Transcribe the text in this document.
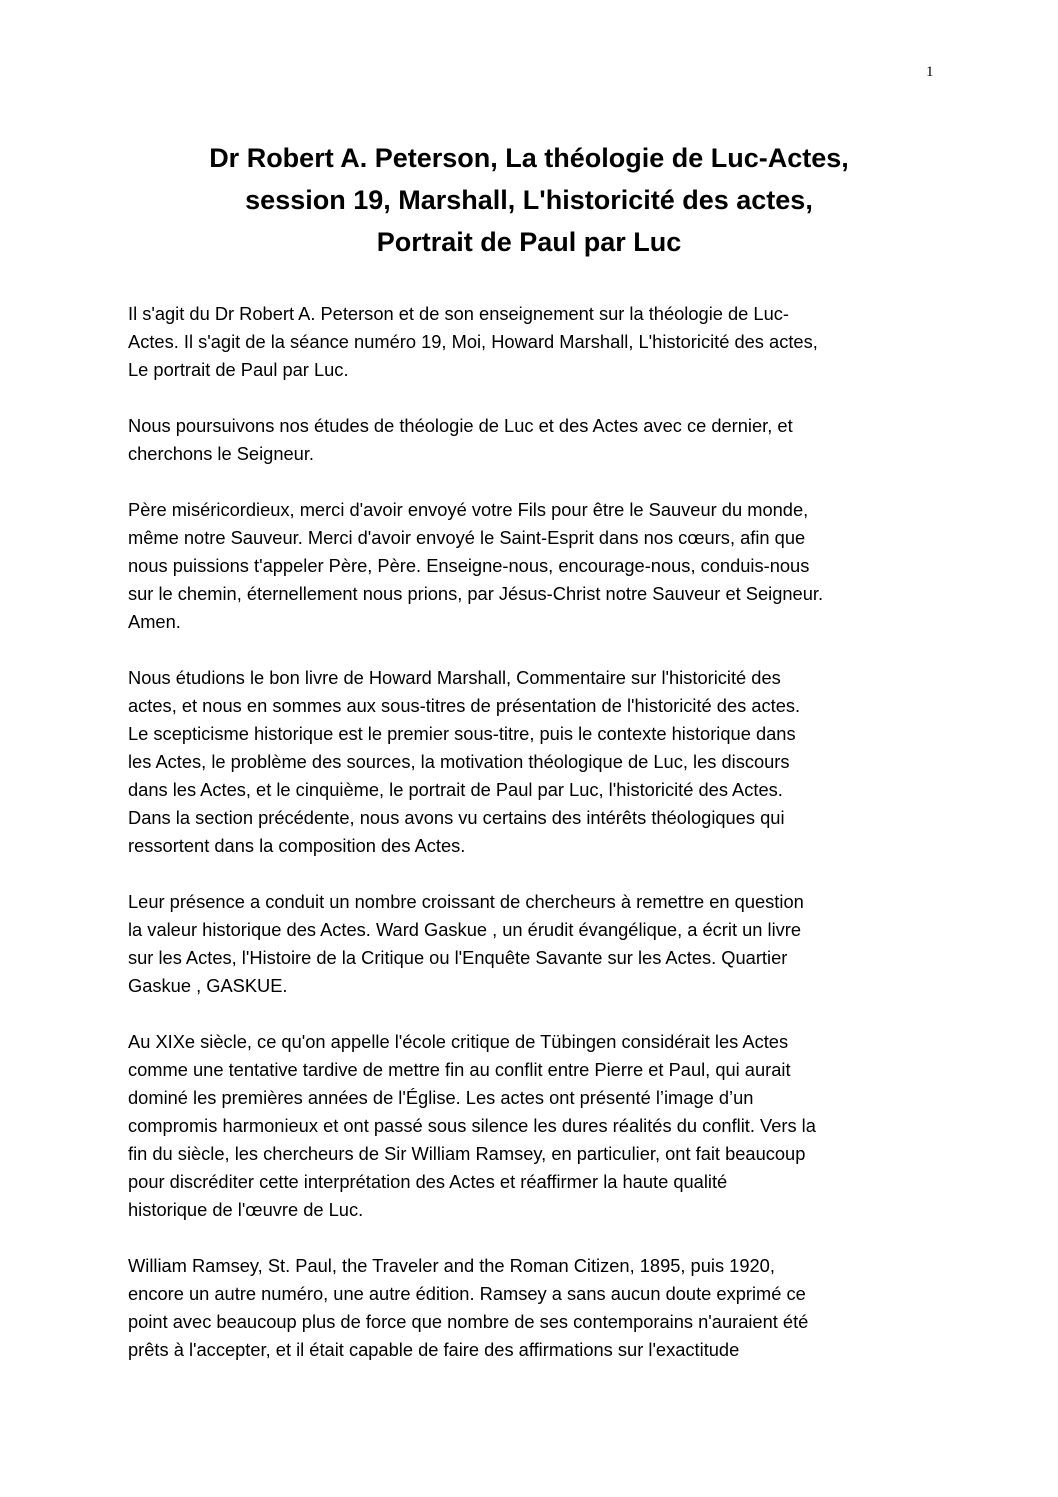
1
Dr Robert A. Peterson, La théologie de Luc-Actes,
session 19, Marshall, L'historicité des actes,
Portrait de Paul par Luc

Il s'agit du Dr Robert A. Peterson et de son enseignement sur la théologie de Luc-
Actes. Il s'agit de la séance numéro 19, Moi, Howard Marshall, L'historicité des actes,
Le portrait de Paul par Luc.

Nous poursuivons nos études de théologie de Luc et des Actes avec ce dernier, et
cherchons le Seigneur.

Père miséricordieux, merci d'avoir envoyé votre Fils pour être le Sauveur du monde,
même notre Sauveur. Merci d'avoir envoyé le Saint-Esprit dans nos cœurs, afin que
nous puissions t'appeler Père, Père. Enseigne-nous, encourage-nous, conduis-nous
sur le chemin, éternellement nous prions, par Jésus-Christ notre Sauveur et Seigneur.
Amen.

Nous étudions le bon livre de Howard Marshall, Commentaire sur l'historicité des
actes, et nous en sommes aux sous-titres de présentation de l'historicité des actes.
Le scepticisme historique est le premier sous-titre, puis le contexte historique dans
les Actes, le problème des sources, la motivation théologique de Luc, les discours
dans les Actes, et le cinquième, le portrait de Paul par Luc, l'historicité des Actes.
Dans la section précédente, nous avons vu certains des intérêts théologiques qui
ressortent dans la composition des Actes.

Leur présence a conduit un nombre croissant de chercheurs à remettre en question
la valeur historique des Actes. Ward Gaskue , un érudit évangélique, a écrit un livre
sur les Actes, l'Histoire de la Critique ou l'Enquête Savante sur les Actes. Quartier
Gaskue , GASKUE.

Au XIXe siècle, ce qu'on appelle l'école critique de Tübingen considérait les Actes
comme une tentative tardive de mettre fin au conflit entre Pierre et Paul, qui aurait
dominé les premières années de l'Église. Les actes ont présenté l’image d’un
compromis harmonieux et ont passé sous silence les dures réalités du conflit. Vers la
fin du siècle, les chercheurs de Sir William Ramsey, en particulier, ont fait beaucoup
pour discréditer cette interprétation des Actes et réaffirmer la haute qualité
historique de l'œuvre de Luc.

William Ramsey, St. Paul, the Traveler and the Roman Citizen, 1895, puis 1920,
encore un autre numéro, une autre édition. Ramsey a sans aucun doute exprimé ce
point avec beaucoup plus de force que nombre de ses contemporains n'auraient été
prêts à l'accepter, et il était capable de faire des affirmations sur l'exactitude
